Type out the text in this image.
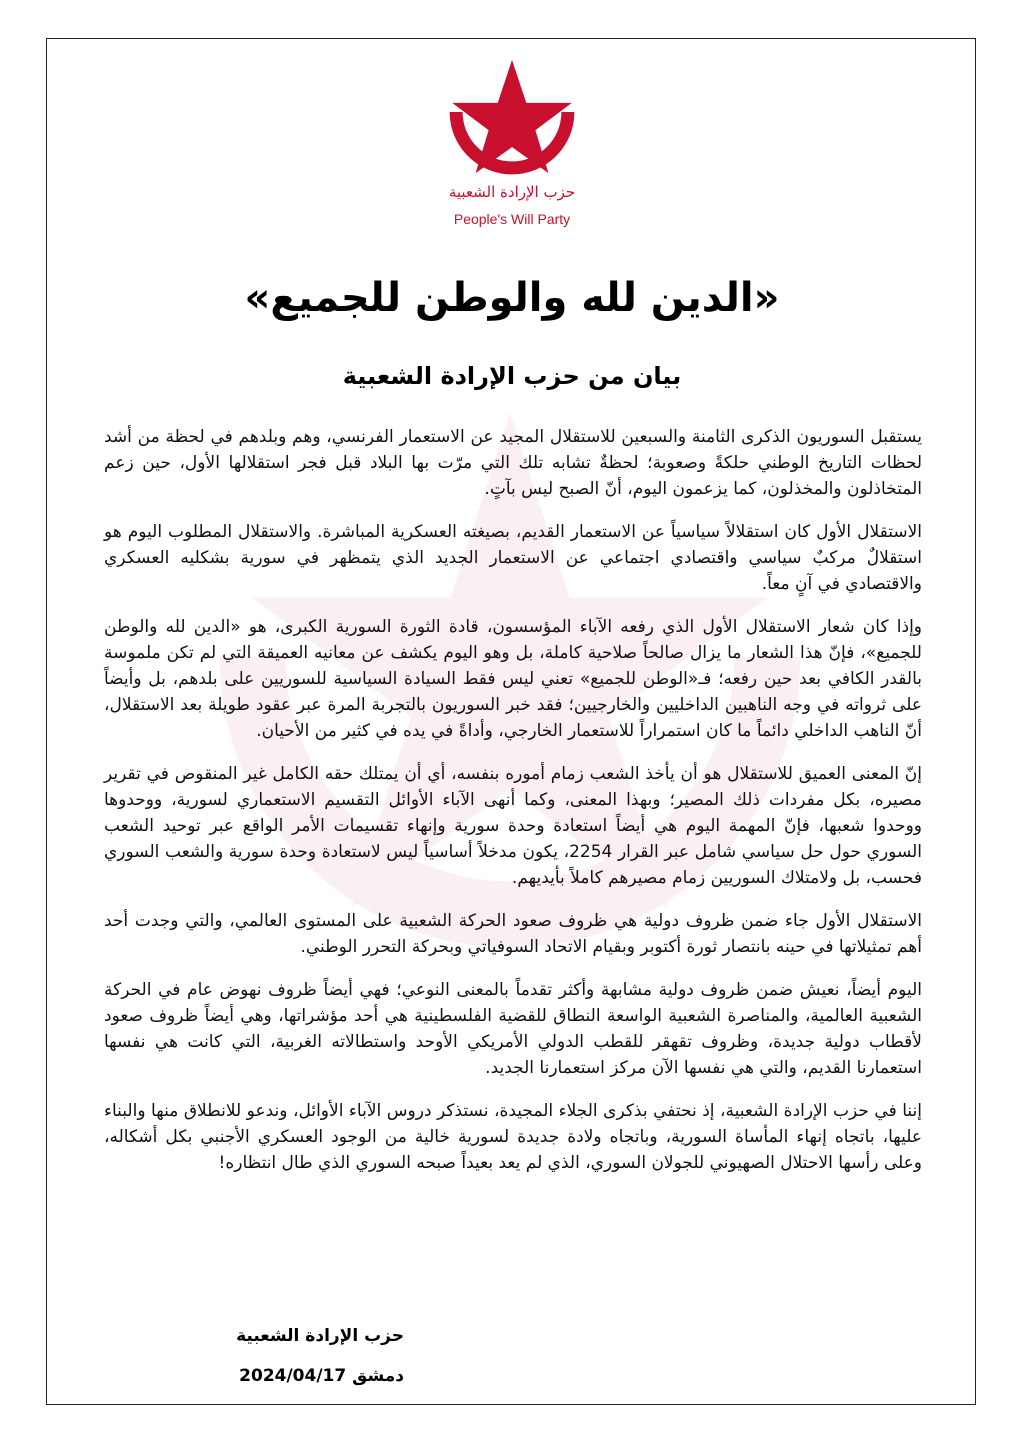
حزب الإرادة الشعبية
People's Will Party
«الدين لله والوطن للجميع»
بيان من حزب الإرادة الشعبية

يستقبل السوريون الذكرى الثامنة والسبعين للاستقلال المجيد عن الاستعمار الفرنسي، وهم وبلدهم في لحظة من أشد لحظات التاريخ الوطني حلكةً وصعوبة؛ لحظةٌ تشابه تلك التي مرّت بها البلاد قبل فجر استقلالها الأول، حين زعم المتخاذلون والمخذلون، كما يزعمون اليوم، أنّ الصبح ليس بآتٍ.

الاستقلال الأول كان استقلالاً سياسياً عن الاستعمار القديم، بصيغته العسكرية المباشرة. والاستقلال المطلوب اليوم هو استقلالٌ مركبٌ سياسي واقتصادي اجتماعي عن الاستعمار الجديد الذي يتمظهر في سورية بشكليه العسكري والاقتصادي في آنٍ معاً.

وإذا كان شعار الاستقلال الأول الذي رفعه الآباء المؤسسون، قادة الثورة السورية الكبرى، هو «الدين لله والوطن للجميع»، فإنّ هذا الشعار ما يزال صالحاً صلاحية كاملة، بل وهو اليوم يكشف عن معانيه العميقة التي لم تكن ملموسة بالقدر الكافي بعد حين رفعه؛ فـ«الوطن للجميع» تعني ليس فقط السيادة السياسية للسوريين على بلدهم، بل وأيضاً على ثرواته في وجه الناهبين الداخليين والخارجيين؛ فقد خبر السوريون بالتجربة المرة عبر عقود طويلة بعد الاستقلال، أنّ الناهب الداخلي دائماً ما كان استمراراً للاستعمار الخارجي، وأداةً في يده في كثير من الأحيان.

إنّ المعنى العميق للاستقلال هو أن يأخذ الشعب زمام أموره بنفسه، أي أن يمتلك حقه الكامل غير المنقوص في تقرير مصيره، بكل مفردات ذلك المصير؛ وبهذا المعنى، وكما أنهى الآباء الأوائل التقسيم الاستعماري لسورية، ووحدوها ووحدوا شعبها، فإنّ المهمة اليوم هي أيضاً استعادة وحدة سورية وإنهاء تقسيمات الأمر الواقع عبر توحيد الشعب السوري حول حل سياسي شامل عبر القرار 2254، يكون مدخلاً أساسياً ليس لاستعادة وحدة سورية والشعب السوري فحسب، بل ولامتلاك السوريين زمام مصيرهم كاملاً بأيديهم.

الاستقلال الأول جاء ضمن ظروف دولية هي ظروف صعود الحركة الشعبية على المستوى العالمي، والتي وجدت أحد أهم تمثيلاتها في حينه بانتصار ثورة أكتوبر وبقيام الاتحاد السوفياتي وبحركة التحرر الوطني.

اليوم أيضاً، نعيش ضمن ظروف دولية مشابهة وأكثر تقدماً بالمعنى النوعي؛ فهي أيضاً ظروف نهوض عام في الحركة الشعبية العالمية، والمناصرة الشعبية الواسعة النطاق للقضية الفلسطينية هي أحد مؤشراتها، وهي أيضاً ظروف صعود لأقطاب دولية جديدة، وظروف تقهقر للقطب الدولي الأمريكي الأوحد واستطالاته الغربية، التي كانت هي نفسها استعمارنا القديم، والتي هي نفسها الآن مركز استعمارنا الجديد.

إننا في حزب الإرادة الشعبية، إذ نحتفي بذكرى الجلاء المجيدة، نستذكر دروس الآباء الأوائل، وندعو للانطلاق منها والبناء عليها، باتجاه إنهاء المأساة السورية، وباتجاه ولادة جديدة لسورية خالية من الوجود العسكري الأجنبي بكل أشكاله، وعلى رأسها الاحتلال الصهيوني للجولان السوري، الذي لم يعد بعيداً صبحه السوري الذي طال انتظاره!

حزب الإرادة الشعبية
دمشق 2024/04/17
